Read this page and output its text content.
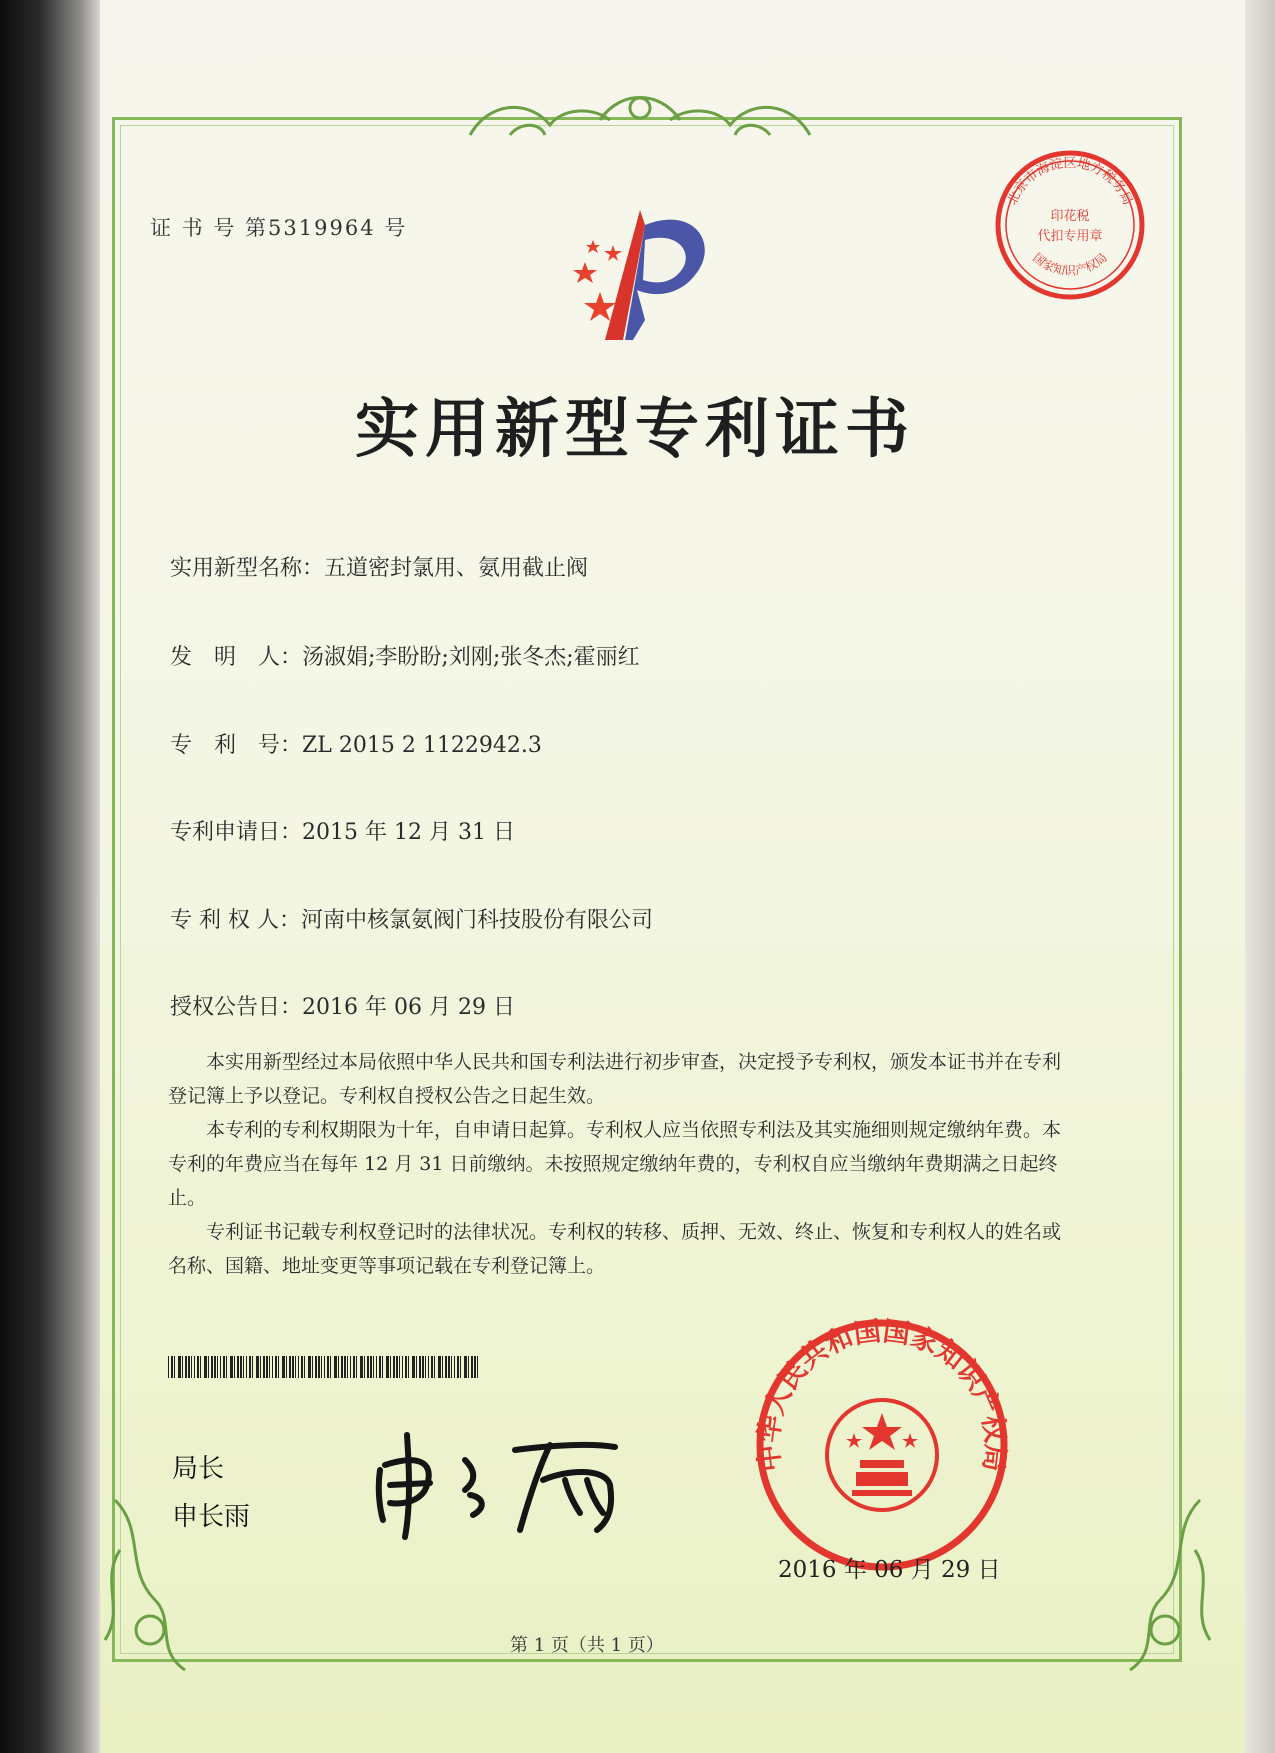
证 书 号 第5319964 号
北京市海淀区地方税务局
国家知识产权局
印花税
代扣专用章
实用新型专利证书
实用新型名称：五道密封氯用、氨用截止阀
发　明　人：汤淑娟;李盼盼;刘刚;张冬杰;霍丽红
专　利　号：ZL 2015 2 1122942.3
专利申请日：2015 年 12 月 31 日
专 利 权 人：河南中核氯氨阀门科技股份有限公司
授权公告日：2016 年 06 月 29 日

本实用新型经过本局依照中华人民共和国专利法进行初步审查，决定授予专利权，颁发本证书并在专利登记簿上予以登记。专利权自授权公告之日起生效。

本专利的专利权期限为十年，自申请日起算。专利权人应当依照专利法及其实施细则规定缴纳年费。本专利的年费应当在每年 12 月 31 日前缴纳。未按照规定缴纳年费的，专利权自应当缴纳年费期满之日起终止。

专利证书记载专利权登记时的法律状况。专利权的转移、质押、无效、终止、恢复和专利权人的姓名或名称、国籍、地址变更等事项记载在专利登记簿上。

局长
申长雨
中华人民共和国国家知识产权局
2016 年 06 月 29 日
第 1 页（共 1 页）
